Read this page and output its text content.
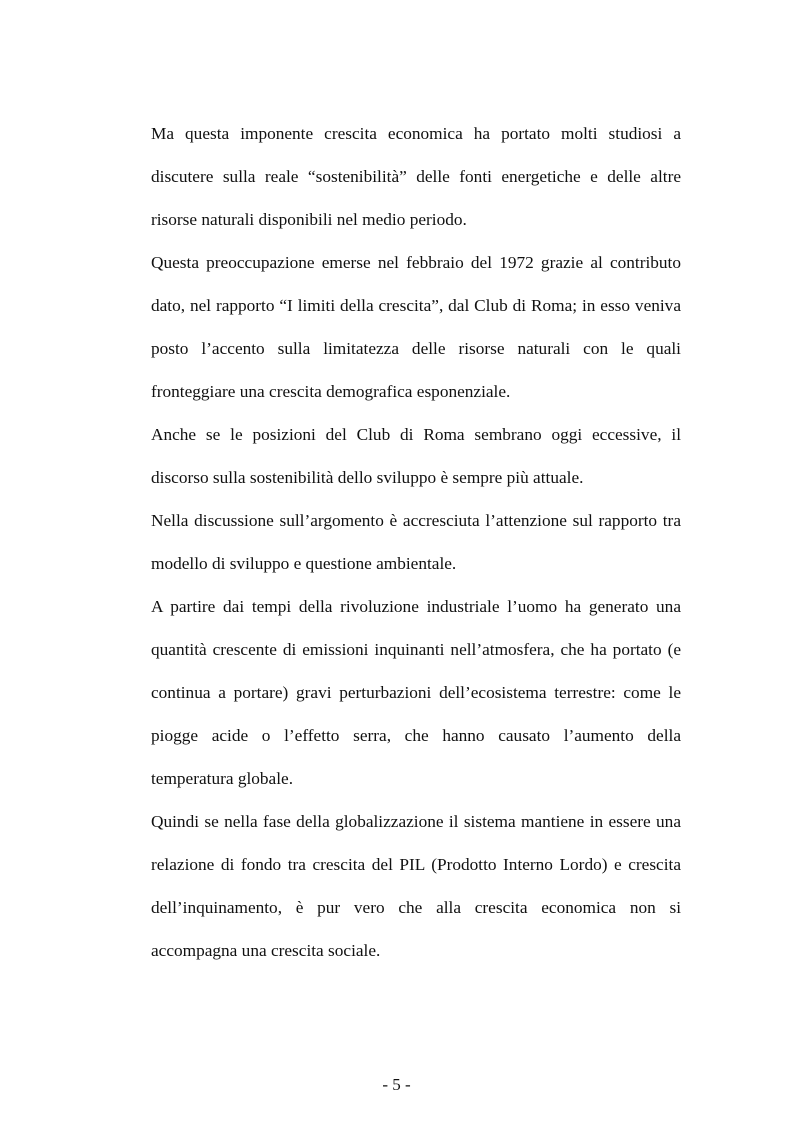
Ma questa imponente crescita economica ha portato molti studiosi a discutere sulla reale “sostenibilità” delle fonti energetiche e delle altre risorse naturali disponibili nel medio periodo.

Questa preoccupazione emerse nel febbraio del 1972 grazie al contributo dato, nel rapporto “I limiti della crescita”, dal Club di Roma; in esso veniva posto l’accento sulla limitatezza delle risorse naturali con le quali fronteggiare una crescita demografica esponenziale.

Anche se le posizioni del Club di Roma sembrano oggi eccessive, il discorso sulla sostenibilità dello sviluppo è sempre più attuale.

Nella discussione sull’argomento è accresciuta l’attenzione sul rapporto tra modello di sviluppo e questione ambientale.

A partire dai tempi della rivoluzione industriale l’uomo ha generato una quantità crescente di emissioni inquinanti nell’atmosfera, che ha portato (e continua a portare) gravi perturbazioni dell’ecosistema terrestre: come le piogge acide o l’effetto serra, che hanno causato l’aumento della temperatura globale.

Quindi se nella fase della globalizzazione il sistema mantiene in essere una relazione di fondo tra crescita del PIL (Prodotto Interno Lordo) e crescita dell’inquinamento, è pur vero che alla crescita economica non si accompagna una crescita sociale.

- 5 -
